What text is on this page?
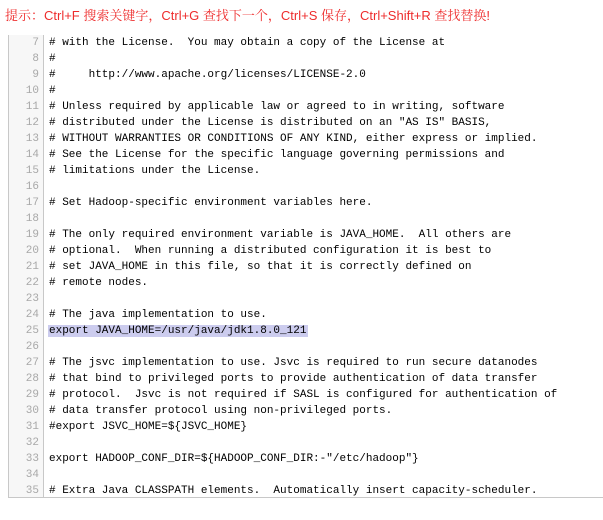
提示：Ctrl+F 搜索关键字，Ctrl+G 查找下一个，Ctrl+S 保存，Ctrl+Shift+R 查找替换!
7 # with the License.  You may obtain a copy of the License at
8 #
9 #     http://www.apache.org/licenses/LICENSE-2.0
10 #
11 # Unless required by applicable law or agreed to in writing, software
12 # distributed under the License is distributed on an "AS IS" BASIS,
13 # WITHOUT WARRANTIES OR CONDITIONS OF ANY KIND, either express or implied.
14 # See the License for the specific language governing permissions and
15 # limitations under the License.
16
17 # Set Hadoop-specific environment variables here.
18
19 # The only required environment variable is JAVA_HOME.  All others are
20 # optional.  When running a distributed configuration it is best to
21 # set JAVA_HOME in this file, so that it is correctly defined on
22 # remote nodes.
23
24 # The java implementation to use.
25 export JAVA_HOME=/usr/java/jdk1.8.0_121
26
27 # The jsvc implementation to use. Jsvc is required to run secure datanodes
28 # that bind to privileged ports to provide authentication of data transfer
29 # protocol.  Jsvc is not required if SASL is configured for authentication of
30 # data transfer protocol using non-privileged ports.
31 #export JSVC_HOME=${JSVC_HOME}
32
33 export HADOOP_CONF_DIR=${HADOOP_CONF_DIR:-"/etc/hadoop"}
34
35 # Extra Java CLASSPATH elements.  Automatically insert capacity-scheduler.
